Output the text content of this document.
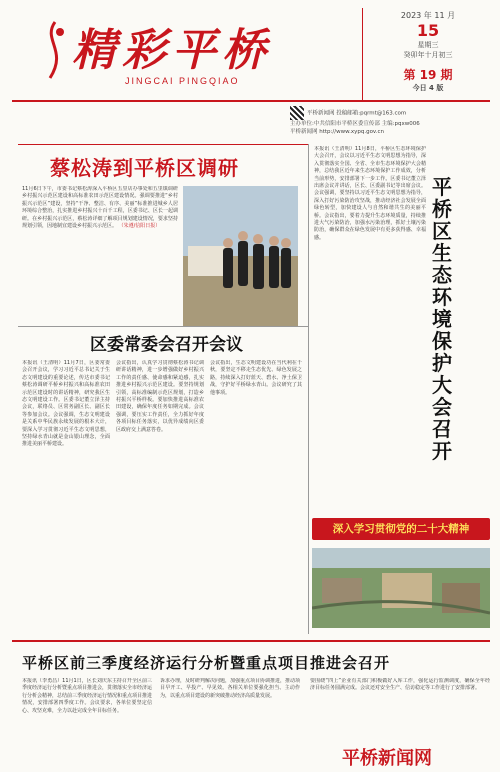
精彩平桥
JINGCAI PINGQIAO
2023 年 11 月
15
星期三
癸卯年十月初三
第 19 期
今日 4 版
平桥新闻网 投稿邮箱:pqrmt@163.com
主办单位:中共信阳市平桥区委宣传部 主编:pqxw006
平桥新闻网 http://www.xypq.gov.cn
蔡松涛到平桥区调研
11月6日下午，市委书记蔡松涛深入平桥区五里店办事处和五里镇调研乡村振兴示范区建设和高标准农田示范区建设情况。强调要推进“乡村振兴示范区”建设，坚持“干净、整洁、有序、美丽”标准推进城乡人居环境综合整治，扎实推进乡村振兴十百千工程，区委书记、区长一起调研。在乡村振兴示范区，蔡松涛详细了解项目规划建设情况，要求坚持规划引领，因地制宜建设乡村振兴示范区。 （朱遵/信阳日报）
区委常委会召开会议
本报讯（王清明）11月7日，区委常委会召开会议，学习习近平总书记关于生态文明建设的重要论述，传达市委书记蔡松涛调研平桥乡村振兴和高标准农田示范区建设时的讲话精神，研究我区生态文明建设工作。区委书记董立泽主持会议，联络员、区常务副区长、副区长等参加会议。会议强调，生态文明建设是关系中华民族永续发展的根本大计，要深入学习贯彻习近平生态文明思想，坚持绿水青山就是金山银山理念，全面推进美丽平桥建设。
会议指出，认真学习贯彻蔡松涛书记调研讲话精神，进一步增强做好乡村振兴工作的责任感、使命感和紧迫感，扎实推进乡村振兴示范区建设。要坚持规划引领，高标准编制示范区规划，打造乡村振兴平桥样板。要加快推进高标准农田建设，确保年度任务如期完成。会议强调，要压实工作责任，全力抓好年度各项目标任务落实，以优异成绩向区委区政府交上满意答卷。
会议指出，生态文明建设功在当代利在千秋，要坚定不移走生态优先、绿色发展之路，持续深入打好蓝天、碧水、净土保卫战，守护好平桥绿水青山。会议研究了其他事项。
本报讯（王清明）11月8日，平桥区生态环境保护大会召开，会议以习近平生态文明思想为指导，深入贯彻落实全国、全省、全市生态环境保护大会精神，总结我区近年来生态环境保护工作成效，分析当前形势，安排部署下一步工作。区委书记董立泽出席会议并讲话，区长、区委副书记等出席会议。会议强调，要坚持以习近平生态文明思想为指导，深入打好污染防治攻坚战，推动经济社会发展全面绿色转型，加快建设人与自然和谐共生的美丽平桥。会议指出，要着力提升生态环境质量，持续推进大气污染防治，加强水污染治理，抓好土壤污染防治，确保群众在绿色发展中有更多获得感、幸福感。
平桥区生态环境保护大会召开
深入学习贯彻党的二十大精神
平桥区前三季度经济运行分析暨重点项目推进会召开
本报讯（李勇昌）11月1日，区长刘庆东主持召开全区前三季度经济运行分析暨重点项目推进会，贯彻落实全市经济运行分析会精神，总结前三季度经济运行情况和重点项目推进情况，安排部署四季度工作。会议要求，各单位要坚定信心、攻坚克难，全力以赴完成全年目标任务。
诉求办理，及时研判解决问题，加强重点项目协调推进，推动项目早开工、早投产、早见效。各相关单位要强化担当、主动作为，以重点项目建设的新突破推动经济高质量发展。
要围绕“四上”企业有关部门积极做好入库工作，强化运行监测调度，确保全年经济目标任务圆满完成。会议还对安全生产、信访稳定等工作进行了安排部署。
平桥新闻网
